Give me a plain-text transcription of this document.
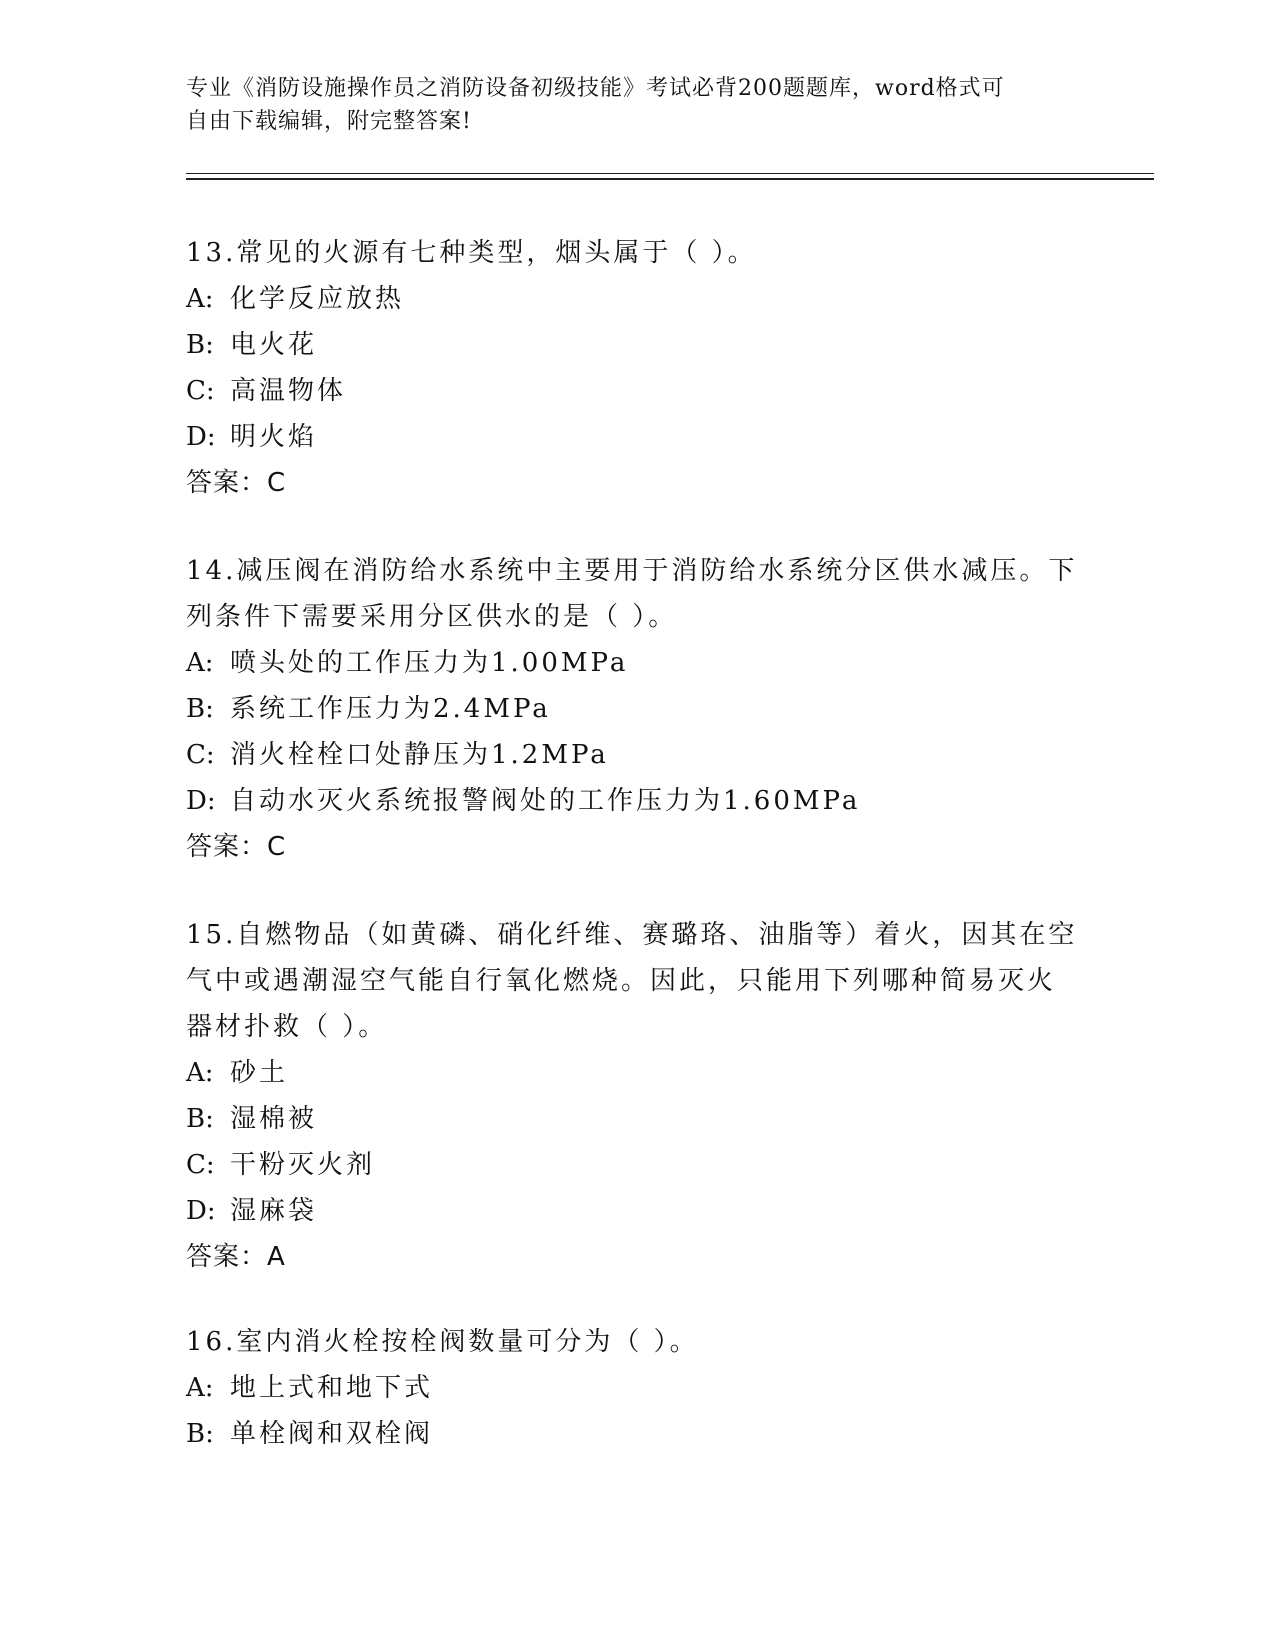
专业《消防设施操作员之消防设备初级技能》考试必背200题题库，word格式可
自由下载编辑，附完整答案!
13.常见的火源有七种类型，烟头属于（ ）。
A: 化学反应放热
B: 电火花
C: 高温物体
D: 明火焰
答案：C
14.减压阀在消防给水系统中主要用于消防给水系统分区供水减压。下
列条件下需要采用分区供水的是（ ）。
A: 喷头处的工作压力为1.00MPa
B: 系统工作压力为2.4MPa
C: 消火栓栓口处静压为1.2MPa
D: 自动水灭火系统报警阀处的工作压力为1.60MPa
答案：C
15.自燃物品（如黄磷、硝化纤维、赛璐珞、油脂等）着火，因其在空
气中或遇潮湿空气能自行氧化燃烧。因此，只能用下列哪种简易灭火
器材扑救（ ）。
A: 砂土
B: 湿棉被
C: 干粉灭火剂
D: 湿麻袋
答案：A
16.室内消火栓按栓阀数量可分为（ ）。
A: 地上式和地下式
B: 单栓阀和双栓阀
